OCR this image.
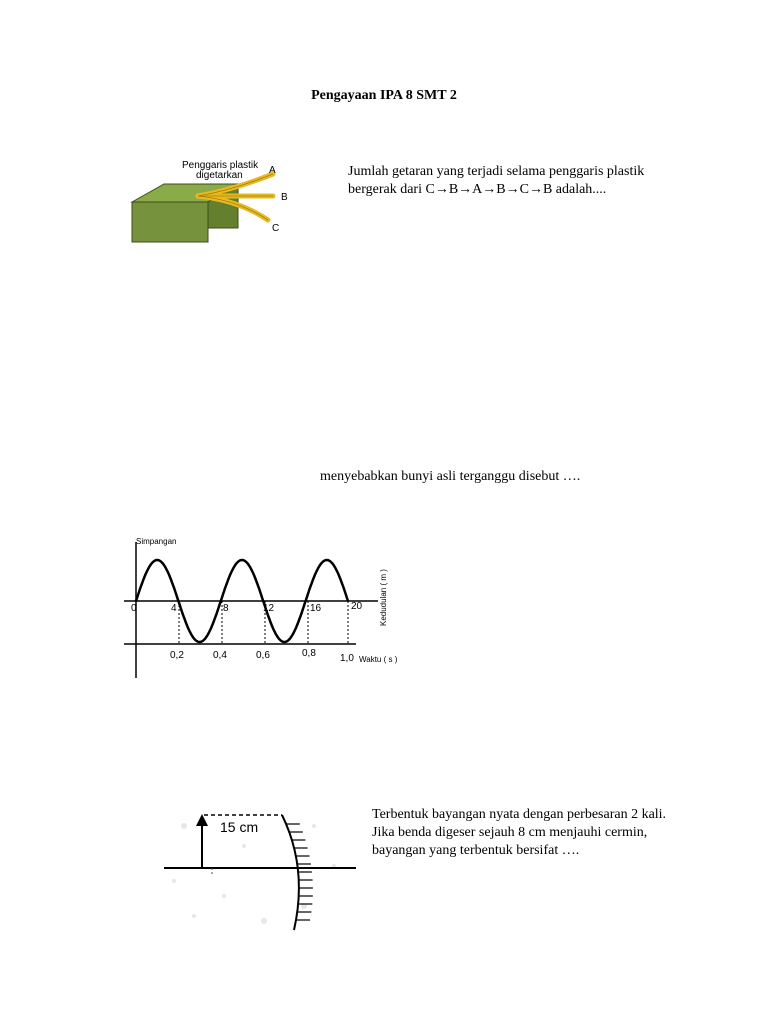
Pengayaan IPA 8 SMT 2
Penggaris plastik
digetarkan	A
B
C
Jumlah getaran yang terjadi selama penggaris plastik bergerak dari C→B→A→B→C→B adalah....
menyebabkan bunyi asli terganggu disebut ….
Simpangan
0	4	8	12	16	20
0,2	0,4	0,6	0,8 1,0 Waktu ( s )
Kedudulan ( m )
15 cm
Terbentuk bayangan nyata dengan perbesaran 2 kali. Jika benda digeser sejauh 8 cm menjauhi cermin, bayangan yang terbentuk bersifat ….
